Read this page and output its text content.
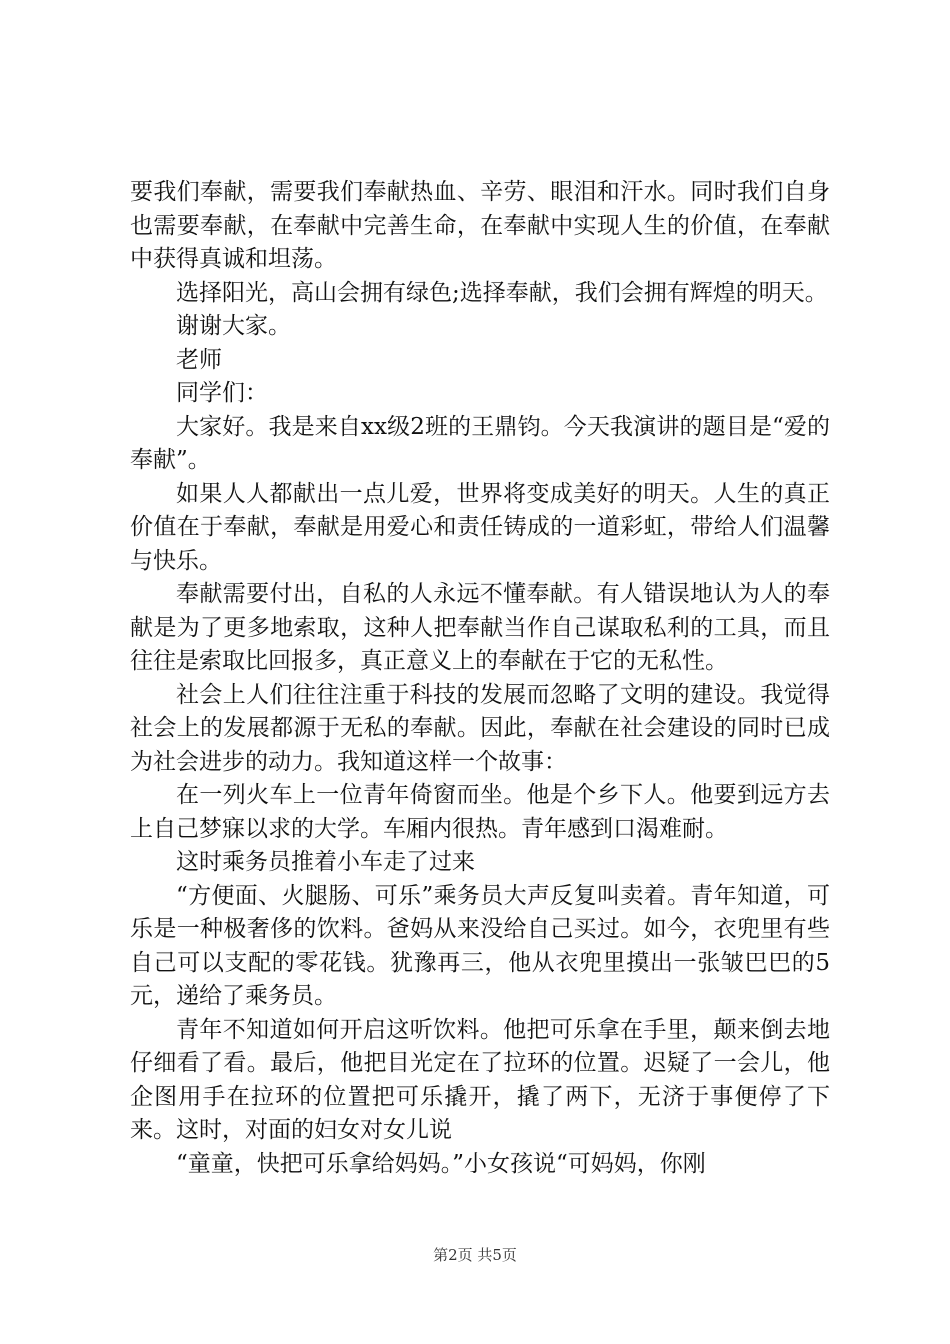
要我们奉献，需要我们奉献热血、辛劳、眼泪和汗水。同时我们自身也需要奉献，在奉献中完善生命，在奉献中实现人生的价值，在奉献中获得真诚和坦荡。

选择阳光，高山会拥有绿色;选择奉献，我们会拥有辉煌的明天。

谢谢大家。

老师

同学们：

大家好。我是来自xx级2班的王鼎钧。今天我演讲的题目是“爱的奉献”。

如果人人都献出一点儿爱，世界将变成美好的明天。人生的真正价值在于奉献，奉献是用爱心和责任铸成的一道彩虹，带给人们温馨与快乐。

奉献需要付出，自私的人永远不懂奉献。有人错误地认为人的奉献是为了更多地索取，这种人把奉献当作自己谋取私利的工具，而且往往是索取比回报多，真正意义上的奉献在于它的无私性。

社会上人们往往注重于科技的发展而忽略了文明的建设。我觉得社会上的发展都源于无私的奉献。因此，奉献在社会建设的同时已成为社会进步的动力。我知道这样一个故事：

在一列火车上一位青年倚窗而坐。他是个乡下人。他要到远方去上自己梦寐以求的大学。车厢内很热。青年感到口渴难耐。

这时乘务员推着小车走了过来

“方便面、火腿肠、可乐”乘务员大声反复叫卖着。青年知道，可乐是一种极奢侈的饮料。爸妈从来没给自己买过。如今，衣兜里有些自己可以支配的零花钱。犹豫再三，他从衣兜里摸出一张皱巴巴的5元，递给了乘务员。

青年不知道如何开启这听饮料。他把可乐拿在手里，颠来倒去地仔细看了看。最后，他把目光定在了拉环的位置。迟疑了一会儿，他企图用手在拉环的位置把可乐撬开，撬了两下，无济于事便停了下来。这时，对面的妇女对女儿说

“童童，快把可乐拿给妈妈。”小女孩说“可妈妈，你刚

第2页 共5页
